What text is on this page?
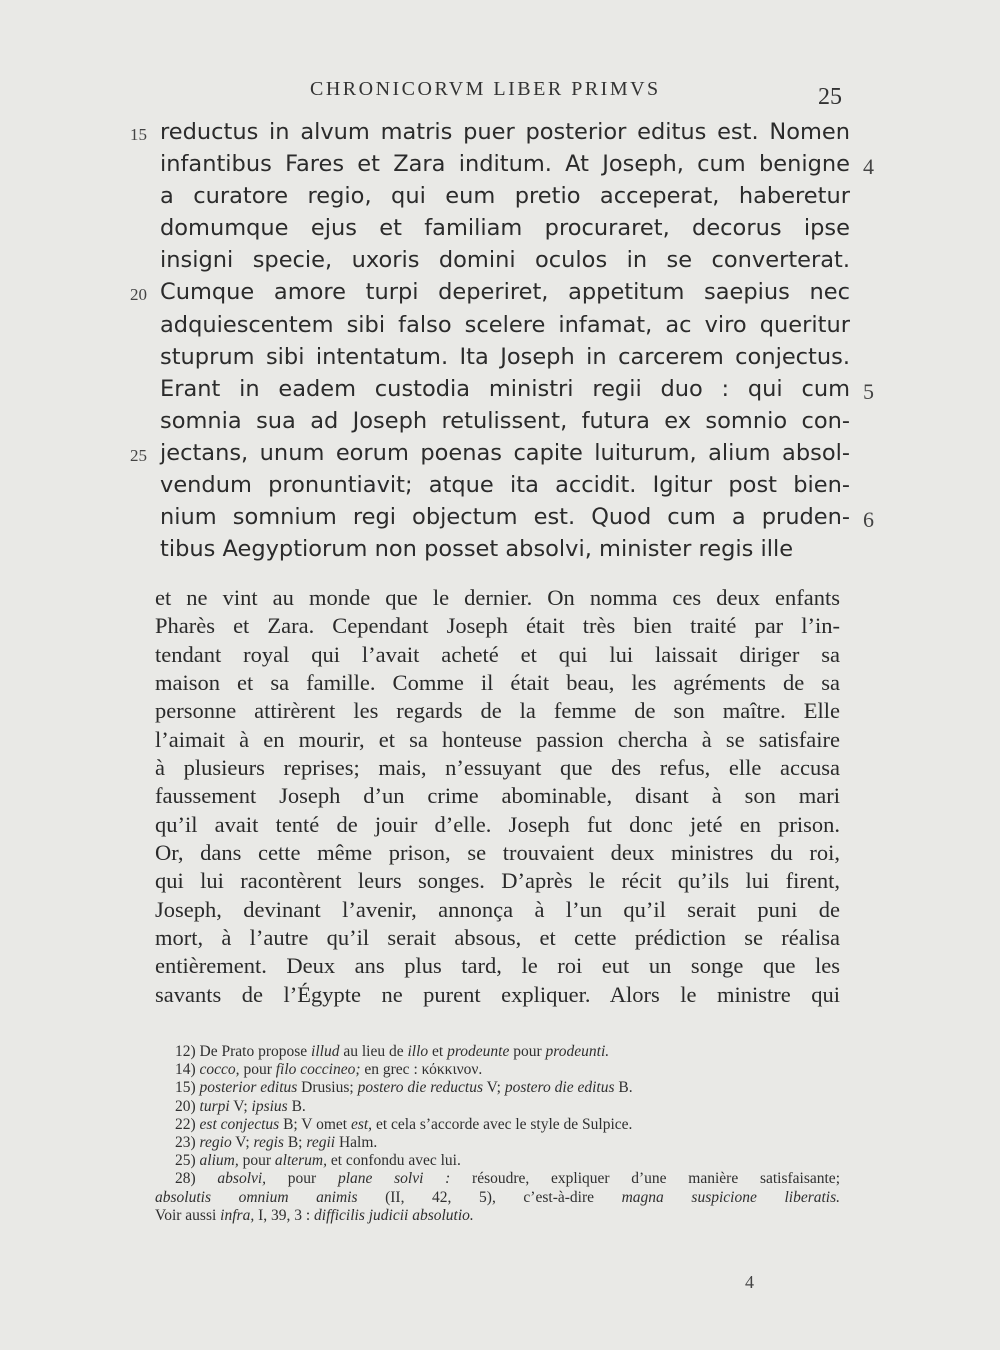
CHRONICORVM LIBER PRIMVS	25
reductus in alvum matris puer posterior editus est. Nomen
15
infantibus Fares et Zara inditum. At Joseph, cum benigne 4
a curatore regio, qui eum pretio acceperat, haberetur
domumque ejus et familiam procuraret, decorus ipse
insigni specie, uxoris domini oculos in se converterat.
Cumque amore turpi deperiret, appetitum saepius nec
20
adquiescentem sibi falso scelere infamat, ac viro queritur
stuprum sibi intentatum. Ita Joseph in carcerem conjectus.
Erant in eadem custodia ministri regii duo : qui cum 5
somnia sua ad Joseph retulissent, futura ex somnio con-
jectans, unum eorum poenas capite luiturum, alium absol-
25
vendum pronuntiavit; atque ita accidit. Igitur post bien-
nium somnium regi objectum est. Quod cum a pruden- 6
tibus Aegyptiorum non posset absolvi, minister regis ille
et ne vint au monde que le dernier. On nomma ces deux enfants
Pharès et Zara. Cependant Joseph était très bien traité par l’in-
tendant royal qui l’avait acheté et qui lui laissait diriger sa
maison et sa famille. Comme il était beau, les agréments de sa
personne attirèrent les regards de la femme de son maître. Elle
l’aimait à en mourir, et sa honteuse passion chercha à se satisfaire
à plusieurs reprises; mais, n’essuyant que des refus, elle accusa
faussement Joseph d’un crime abominable, disant à son mari
qu’il avait tenté de jouir d’elle. Joseph fut donc jeté en prison.
Or, dans cette même prison, se trouvaient deux ministres du roi,
qui lui racontèrent leurs songes. D’après le récit qu’ils lui firent,
Joseph, devinant l’avenir, annonça à l’un qu’il serait puni de
mort, à l’autre qu’il serait absous, et cette prédiction se réalisa
entièrement. Deux ans plus tard, le roi eut un songe que les
savants de l’Égypte ne purent expliquer. Alors le ministre qui
12) De Prato propose illud au lieu de illo et prodeunte pour prodeunti.
14) cocco, pour filo coccineo; en grec : κόκκινον.
15) posterior editus Drusius; postero die reductus V; postero die editus B.
20) turpi V; ipsius B.
22) est conjectus B; V omet est, et cela s’accorde avec le style de Sulpice.
23) regio V; regis B; regii Halm.
25) alium, pour alterum, et confondu avec lui.
28) absolvi, pour plane solvi : résoudre, expliquer d’une manière satisfaisante;
absolutis omnium animis (II, 42, 5), c’est-à-dire magna suspicione liberatis.
Voir aussi infra, I, 39, 3 : difficilis judicii absolutio.
4
